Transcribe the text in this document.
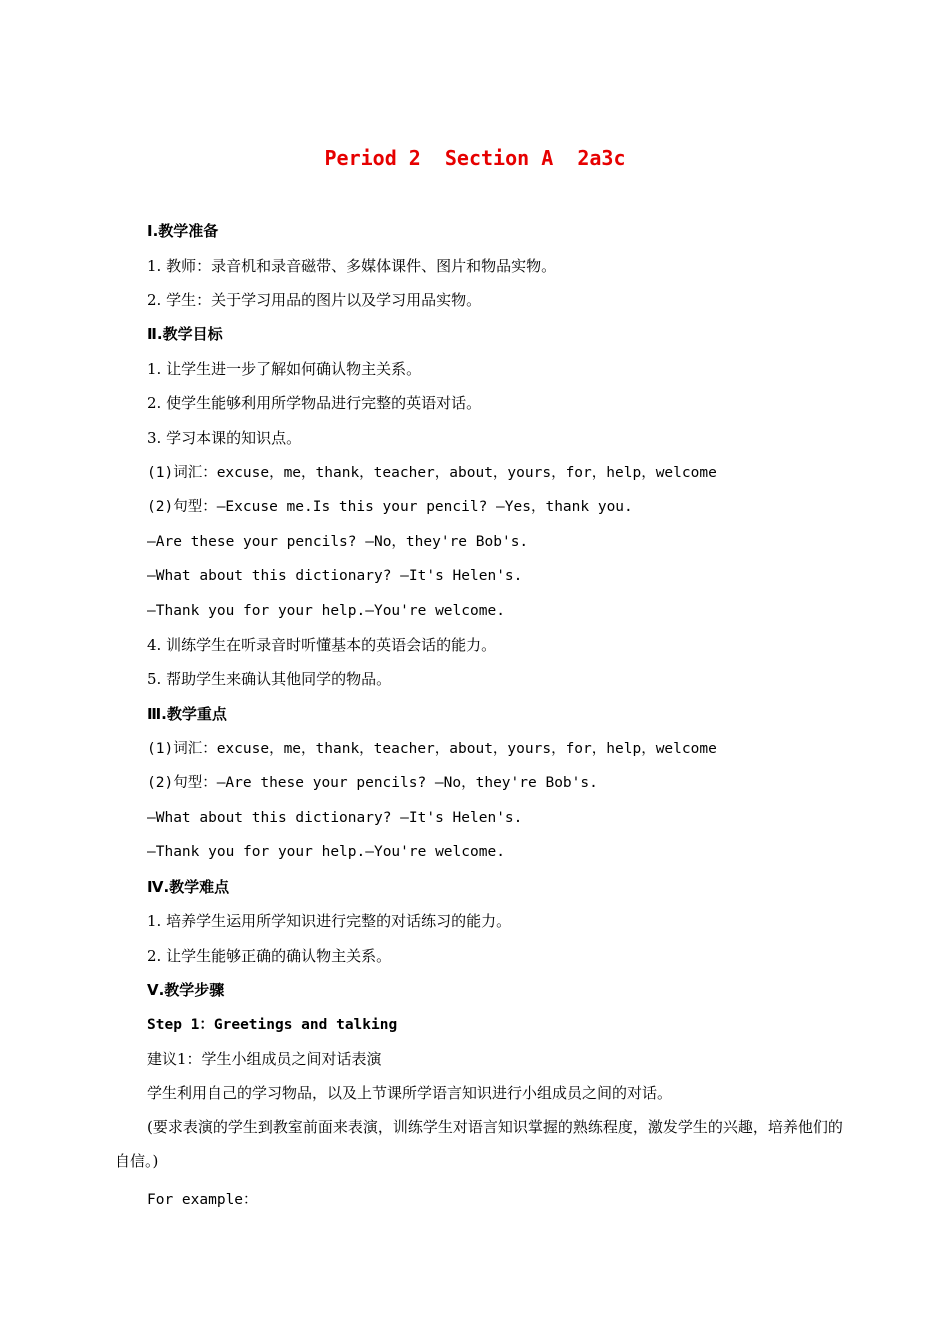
Period 2  Section A  2a3c
Ⅰ.教学准备
1. 教师：录音机和录音磁带、多媒体课件、图片和物品实物。
2. 学生：关于学习用品的图片以及学习用品实物。
Ⅱ.教学目标
1. 让学生进一步了解如何确认物主关系。
2. 使学生能够利用所学物品进行完整的英语对话。
3. 学习本课的知识点。
(1)词汇：excuse，me，thank，teacher，about，yours，for，help，welcome
(2)句型：—Excuse me.Is this your pencil? —Yes，thank you.
—Are these your pencils? —No，they're Bob's.
—What about this dictionary? —It's Helen's.
—Thank you for your help.—You're welcome.
4. 训练学生在听录音时听懂基本的英语会话的能力。
5. 帮助学生来确认其他同学的物品。
Ⅲ.教学重点
(1)词汇：excuse，me，thank，teacher，about，yours，for，help，welcome
(2)句型：—Are these your pencils? —No，they're Bob's.
—What about this dictionary? —It's Helen's.
—Thank you for your help.—You're welcome.
Ⅳ.教学难点
1. 培养学生运用所学知识进行完整的对话练习的能力。
2. 让学生能够正确的确认物主关系。
Ⅴ.教学步骤
Step 1：Greetings and talking
建议1：学生小组成员之间对话表演
学生利用自己的学习物品，以及上节课所学语言知识进行小组成员之间的对话。
(要求表演的学生到教室前面来表演，训练学生对语言知识掌握的熟练程度，激发学生的兴趣，培养他们的自信。)
For example：
